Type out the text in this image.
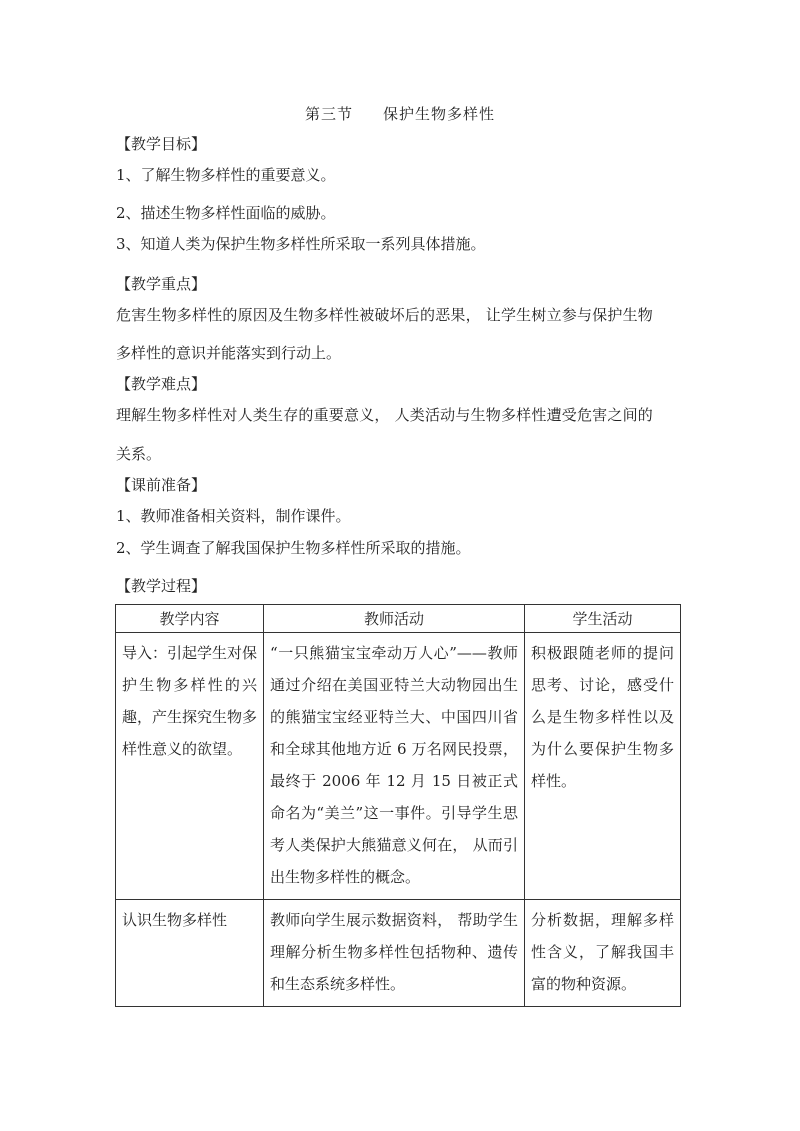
第三节 保护生物多样性
【教学目标】
1、了解生物多样性的重要意义。
2、描述生物多样性面临的威胁。
3、知道人类为保护生物多样性所采取一系列具体措施。
【教学重点】
危害生物多样性的原因及生物多样性被破坏后的恶果， 让学生树立参与保护生物
多样性的意识并能落实到行动上。
【教学难点】
理解生物多样性对人类生存的重要意义， 人类活动与生物多样性遭受危害之间的
关系。
【课前准备】
1、教师准备相关资料，制作课件。
2、学生调查了解我国保护生物多样性所采取的措施。
【教学过程】
教学内容	教师活动	学生活动
导入：引起学生对保护生物多样性的兴趣，产生探究生物多样性意义的欲望。	“一只熊猫宝宝牵动万人心”——教师通过介绍在美国亚特兰大动物园出生的熊猫宝宝经亚特兰大、中国四川省和全球其他地方近 6 万名网民投票，最终于 2006 年 12 月 15 日被正式命名为“美兰”这一事件。引导学生思考人类保护大熊猫意义何在， 从而引出生物多样性的概念。	积极跟随老师的提问思考、讨论，感受什么是生物多样性以及为什么要保护生物多样性。
认识生物多样性	教师向学生展示数据资料， 帮助学生理解分析生物多样性包括物种、遗传和生态系统多样性。	分析数据，理解多样性含义，了解我国丰富的物种资源。
